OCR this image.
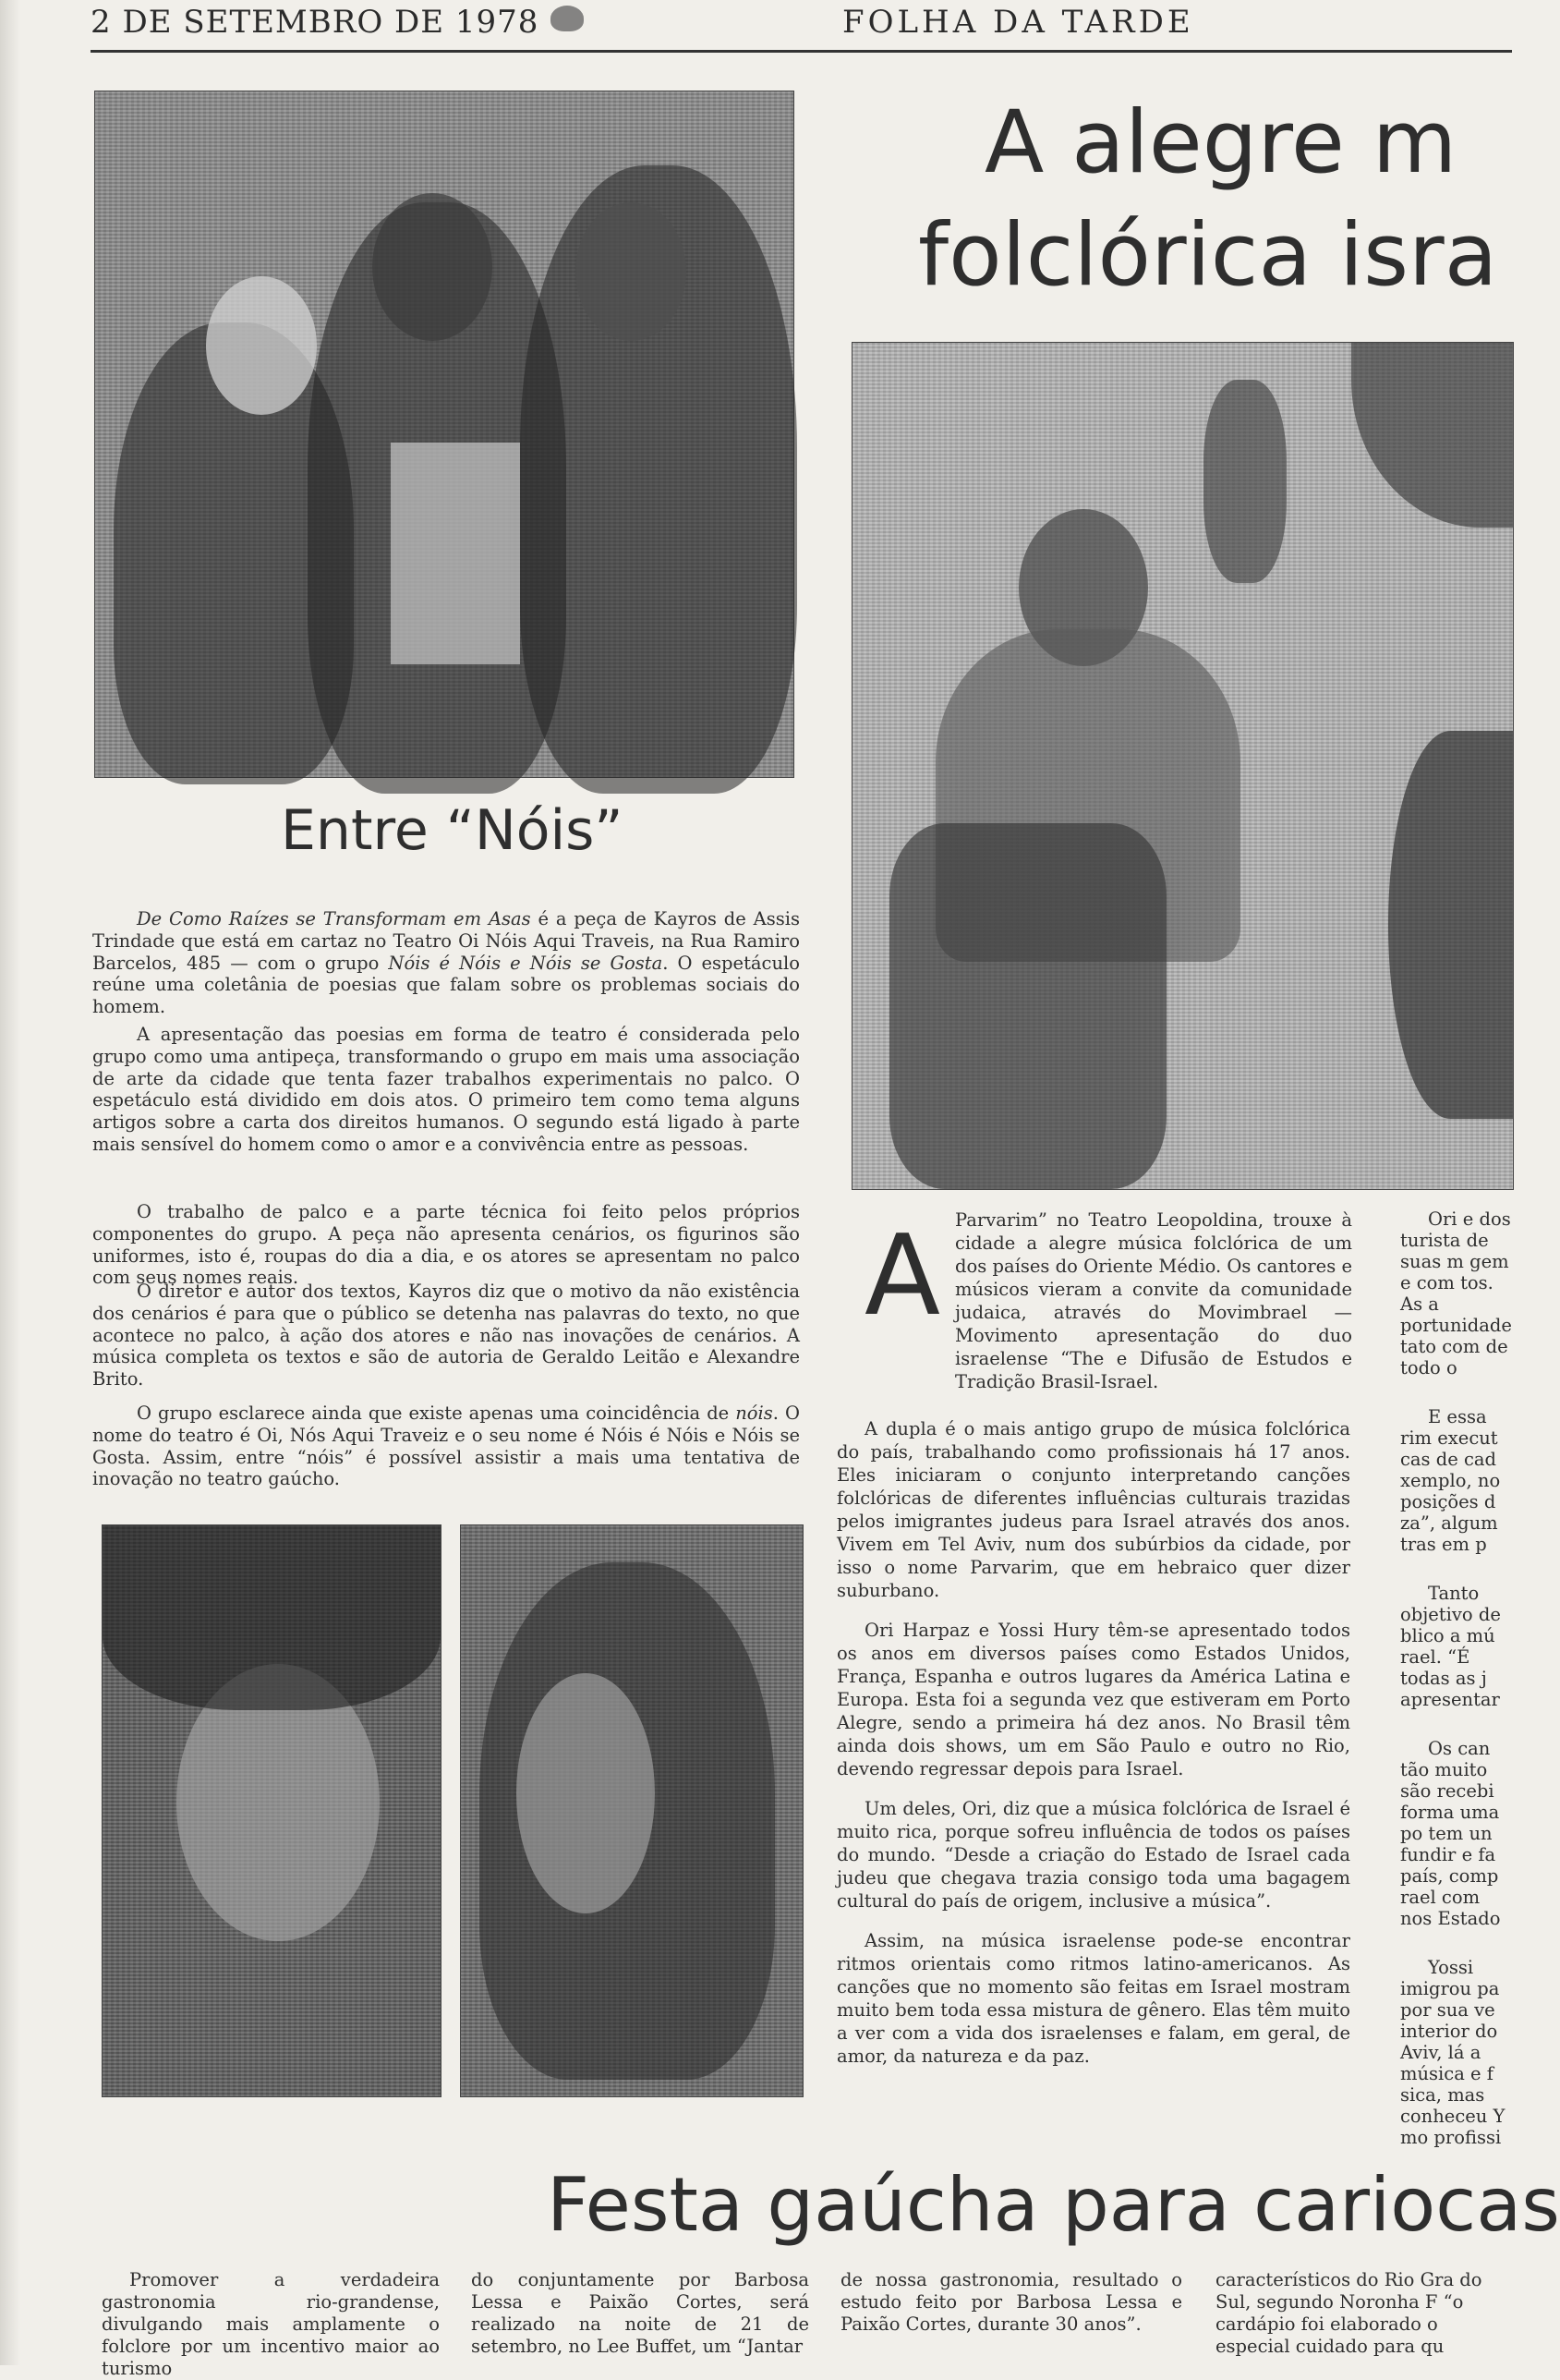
2 DE SETEMBRO DE 1978	FOLHA DA TARDE
Entre “Nóis”

De Como Raízes se Transformam em Asas é a peça de Kayros de Assis Trindade que está em cartaz no Teatro Oi Nóis Aqui Traveis, na Rua Ramiro Barcelos, 485 — com o grupo Nóis é Nóis e Nóis se Gosta. O espetáculo reúne uma coletânia de poesias que falam sobre os problemas sociais do homem.

A apresentação das poesias em forma de teatro é considerada pelo grupo como uma antipeça, transformando o grupo em mais uma associação de arte da cidade que tenta fazer trabalhos experimentais no palco. O espetáculo está dividido em dois atos. O primeiro tem como tema alguns artigos sobre a carta dos direitos humanos. O segundo está ligado à parte mais sensível do homem como o amor e a convivência entre as pessoas.

O trabalho de palco e a parte técnica foi feito pelos próprios componentes do grupo. A peça não apresenta cenários, os figurinos são uniformes, isto é, roupas do dia a dia, e os atores se apresentam no palco com seus nomes reais.

O diretor e autor dos textos, Kayros diz que o motivo da não existência dos cenários é para que o público se detenha nas palavras do texto, no que acontece no palco, à ação dos atores e não nas inovações de cenários. A música completa os textos e são de autoria de Geraldo Leitão e Alexandre Brito.

O grupo esclarece ainda que existe apenas uma coincidência de nóis. O nome do teatro é Oi, Nós Aqui Traveiz e o seu nome é Nóis é Nóis e Nóis se Gosta. Assim, entre “nóis” é possível assistir a mais uma tentativa de inovação no teatro gaúcho.

A alegre m
folclórica isra
A Parvarim” no Teatro Leopoldina, trouxe à cidade a alegre música folclórica de um dos países do Oriente Médio. Os cantores e músicos vieram a convite da comunidade judaica, através do Movimbrael — Movimento apresentação do duo israelense “The e Difusão de Estudos e Tradição Brasil-Israel.

A dupla é o mais antigo grupo de música folclórica do país, trabalhando como profissionais há 17 anos. Eles iniciaram o conjunto interpretando canções folclóricas de diferentes influências culturais trazidas pelos imigrantes judeus para Israel através dos anos. Vivem em Tel Aviv, num dos subúrbios da cidade, por isso o nome Parvarim, que em hebraico quer dizer suburbano.

Ori Harpaz e Yossi Hury têm-se apresentado todos os anos em diversos países como Estados Unidos, França, Espanha e outros lugares da América Latina e Europa. Esta foi a segunda vez que estiveram em Porto Alegre, sendo a primeira há dez anos. No Brasil têm ainda dois shows, um em São Paulo e outro no Rio, devendo regressar depois para Israel.

Um deles, Ori, diz que a música folclórica de Israel é muito rica, porque sofreu influência de todos os países do mundo. “Desde a criação do Estado de Israel cada judeu que chegava trazia consigo toda uma bagagem cultural do país de origem, inclusive a música”.

Assim, na música israelense pode-se encontrar ritmos orientais como ritmos latino-americanos. As canções que no momento são feitas em Israel mostram muito bem toda essa mistura de gênero. Elas têm muito a ver com a vida dos israelenses e falam, em geral, de amor, da natureza e da paz.

Ori e dos turista de suas m gem e com tos. As a portunidade tato com de todo o

E essa rim execut cas de cad xemplo, no posições d za”, algum tras em p

Tanto objetivo de blico a mú rael. “É todas as j apresentar

Os can tão muito são recebi forma uma po tem un fundir e fa país, comp rael com nos Estado

Yossi imigrou pa por sua ve interior do Aviv, lá a música e f sica, mas conheceu Y mo profissi

Festa gaúcha para cariocas
Promover a verdadeira gastronomia rio-grandense, divulgando mais amplamente o folclore por um incentivo maior ao turismo
do conjuntamente por Barbosa Lessa e Paixão Cortes, será realizado na noite de 21 de setembro, no Lee Buffet, um “Jantar
de nossa gastronomia, resultado o estudo feito por Barbosa Lessa e Paixão Cortes, durante 30 anos”.
característicos do Rio Gra do Sul, segundo Noronha F “o cardápio foi elaborado o especial cuidado para qu
